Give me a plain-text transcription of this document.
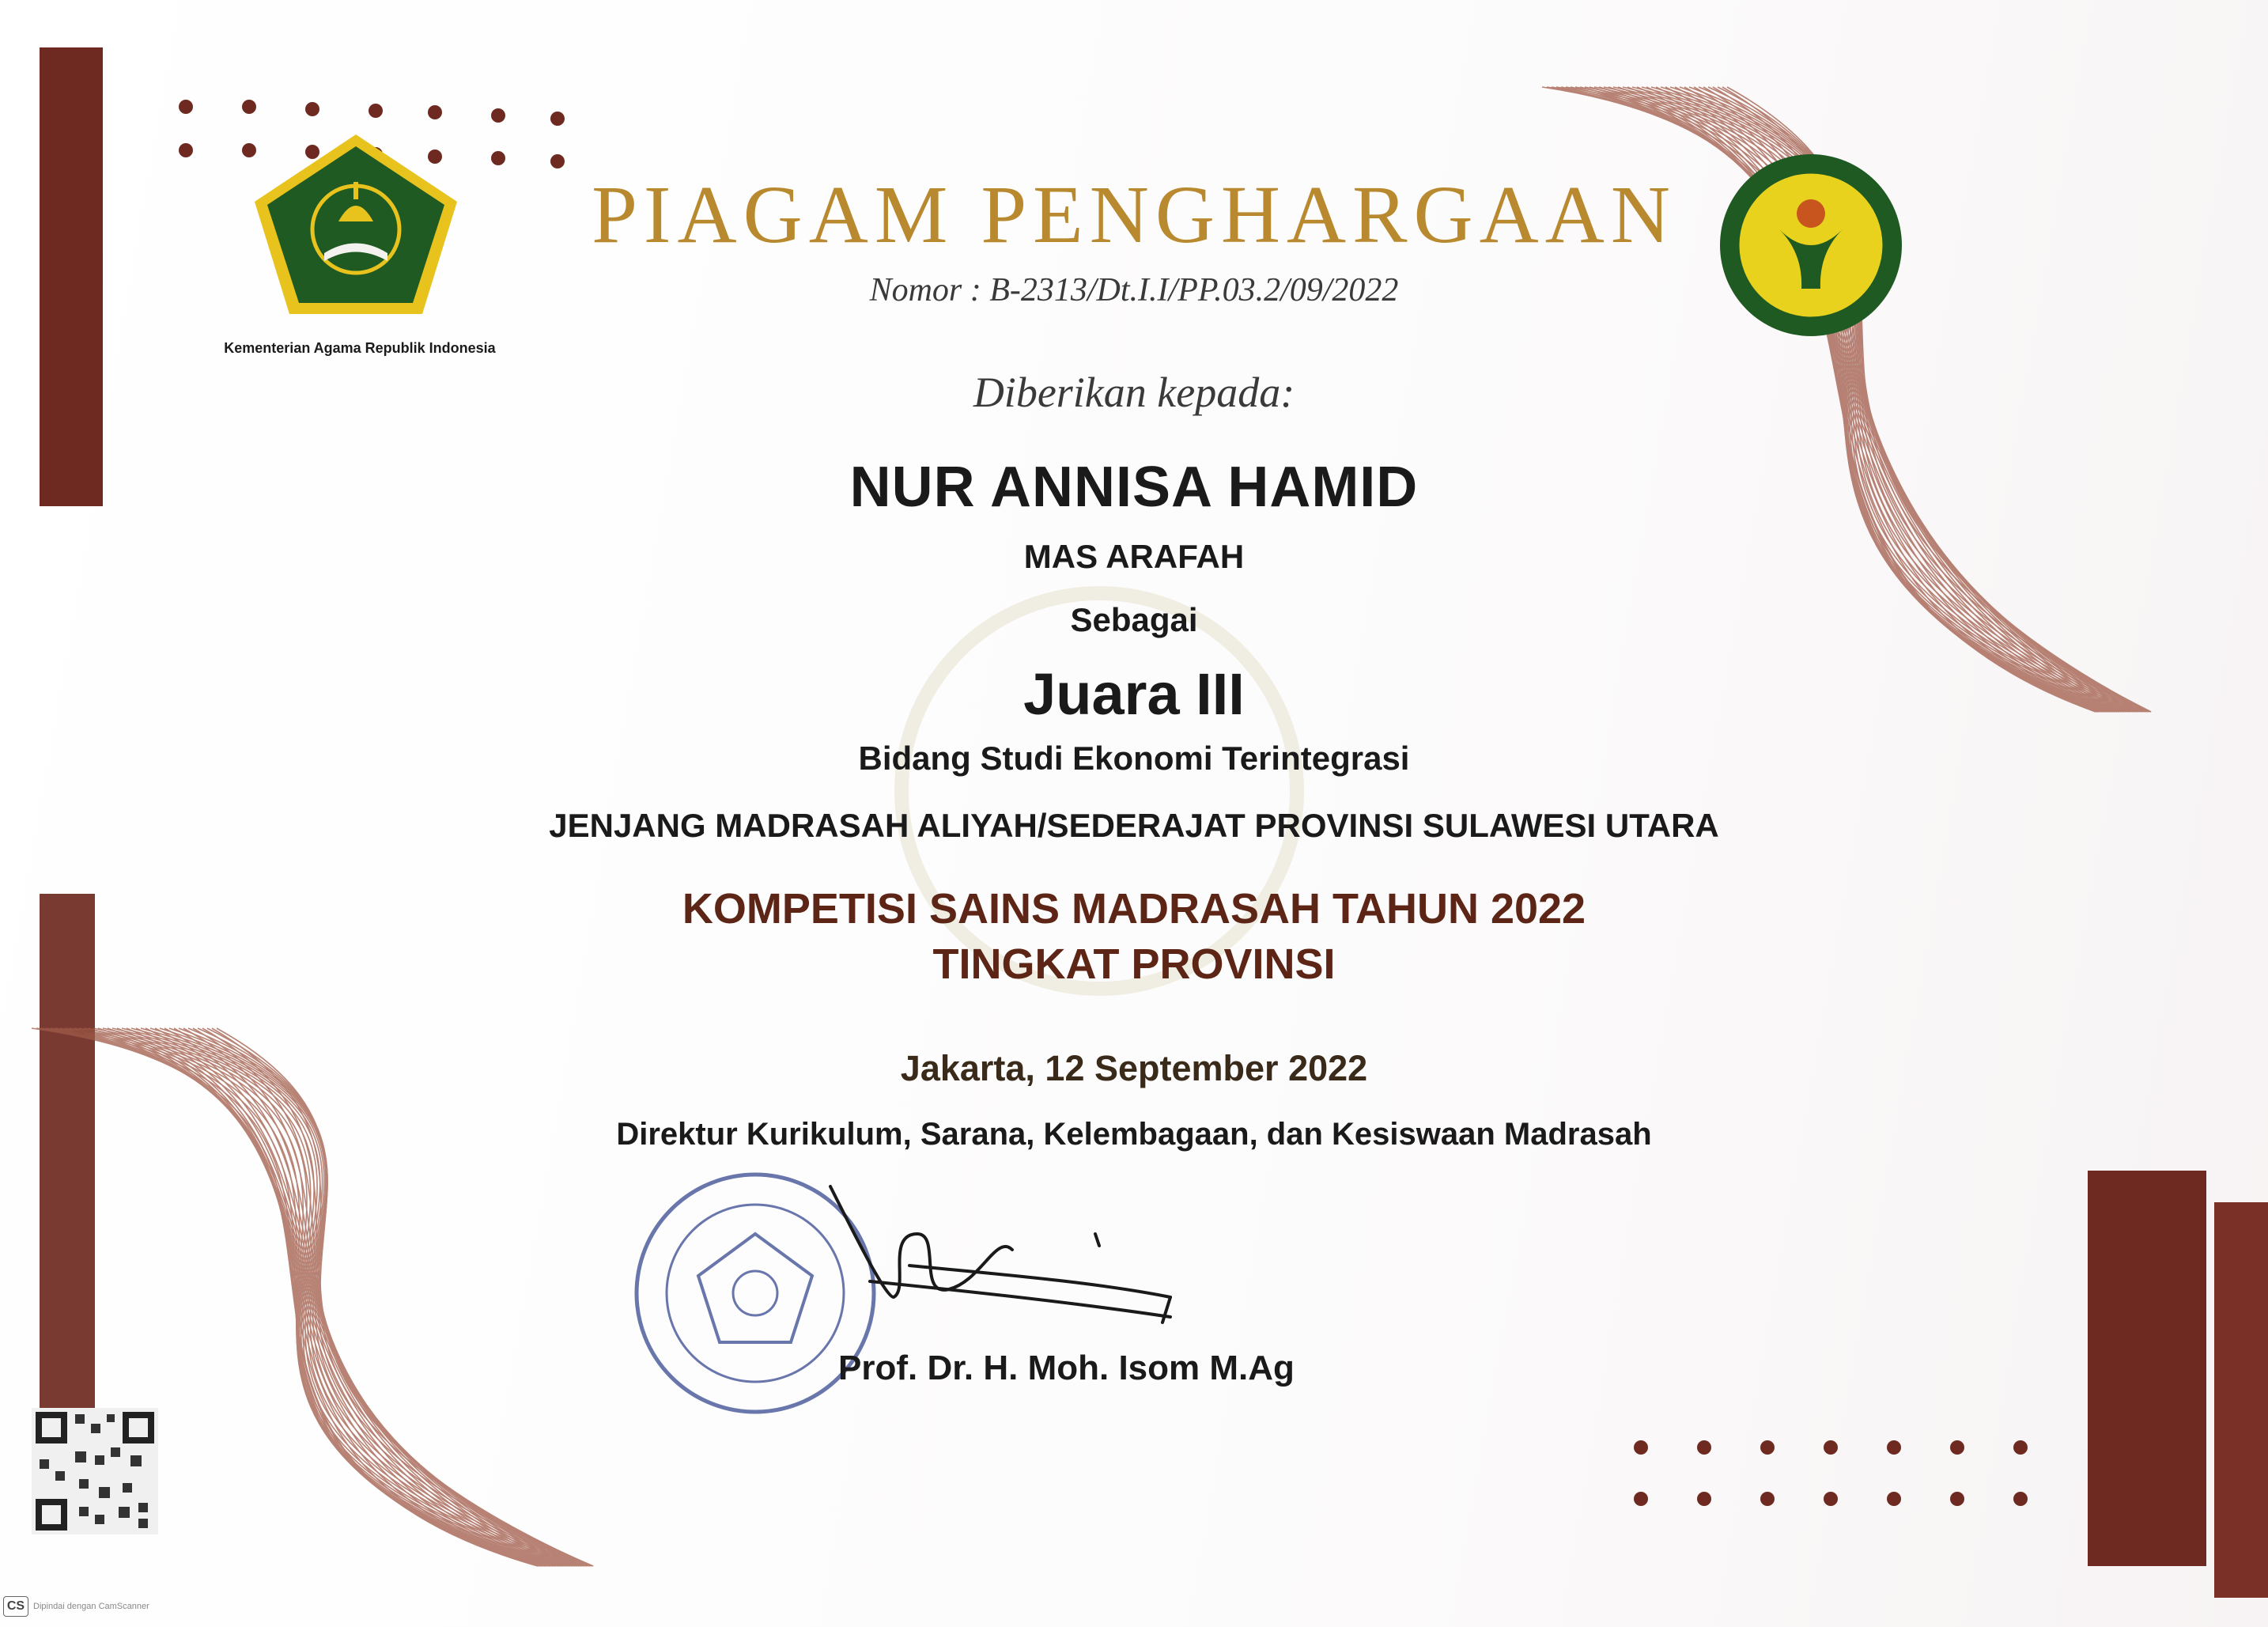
Kementerian Agama Republik Indonesia
PIAGAM PENGHARGAAN
Nomor : B-2313/Dt.I.I/PP.03.2/09/2022
Diberikan kepada:
NUR ANNISA HAMID
MAS ARAFAH
Sebagai
Juara III
Bidang Studi Ekonomi Terintegrasi
JENJANG MADRASAH ALIYAH/SEDERAJAT PROVINSI SULAWESI UTARA
KOMPETISI SAINS MADRASAH TAHUN 2022
TINGKAT PROVINSI
Jakarta, 12 September 2022
Direktur Kurikulum, Sarana, Kelembagaan, dan Kesiswaan Madrasah
Prof. Dr. H. Moh. Isom M.Ag
CS Dipindai dengan CamScanner
